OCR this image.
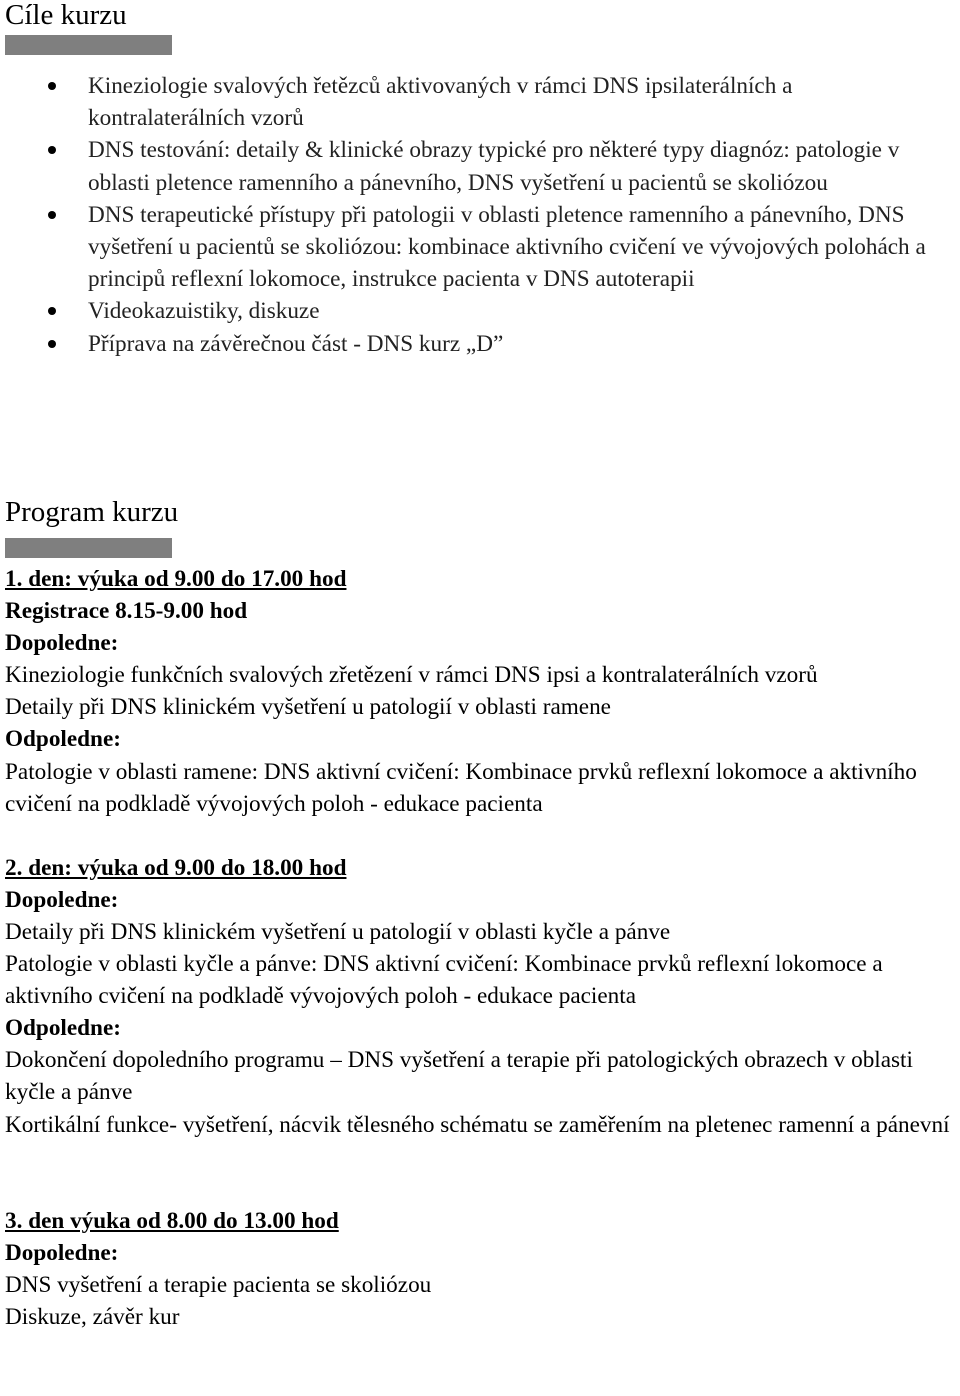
Cíle kurzu
Kineziologie svalových řetězců aktivovaných v rámci DNS ipsilaterálních a kontralaterálních vzorů
DNS testování: detaily & klinické obrazy typické pro některé typy diagnóz: patologie v oblasti pletence ramenního a pánevního, DNS vyšetření u pacientů se skoliózou
DNS terapeutické přístupy při patologii v oblasti pletence ramenního a pánevního, DNS vyšetření u pacientů se skoliózou: kombinace aktivního cvičení ve vývojových polohách a principů reflexní lokomoce, instrukce pacienta v DNS autoterapii
Videokazuistiky, diskuze
Příprava na závěrečnou část - DNS kurz „D”
Program kurzu

1. den: výuka od 9.00 do 17.00 hod

Registrace 8.15-9.00 hod

Dopoledne:

Kineziologie funkčních svalových zřetězení v rámci DNS ipsi a kontralaterálních vzorů

Detaily při DNS klinickém vyšetření u patologií v oblasti ramene

Odpoledne:

Patologie v oblasti ramene: DNS aktivní cvičení: Kombinace prvků reflexní lokomoce a aktivního cvičení na podkladě vývojových poloh - edukace pacienta

2. den: výuka od 9.00 do 18.00 hod

Dopoledne:

Detaily při DNS klinickém vyšetření u patologií v oblasti kyčle a pánve

Patologie v oblasti kyčle a pánve: DNS aktivní cvičení: Kombinace prvků reflexní lokomoce a aktivního cvičení na podkladě vývojových poloh - edukace pacienta

Odpoledne:

Dokončení dopoledního programu – DNS vyšetření a terapie při patologických obrazech v oblasti kyčle a pánve

Kortikální funkce- vyšetření, nácvik tělesného schématu se zaměřením na pletenec ramenní a pánevní

3. den výuka od 8.00 do 13.00 hod

Dopoledne:

DNS vyšetření a terapie pacienta se skoliózou

Diskuze, závěr kur
